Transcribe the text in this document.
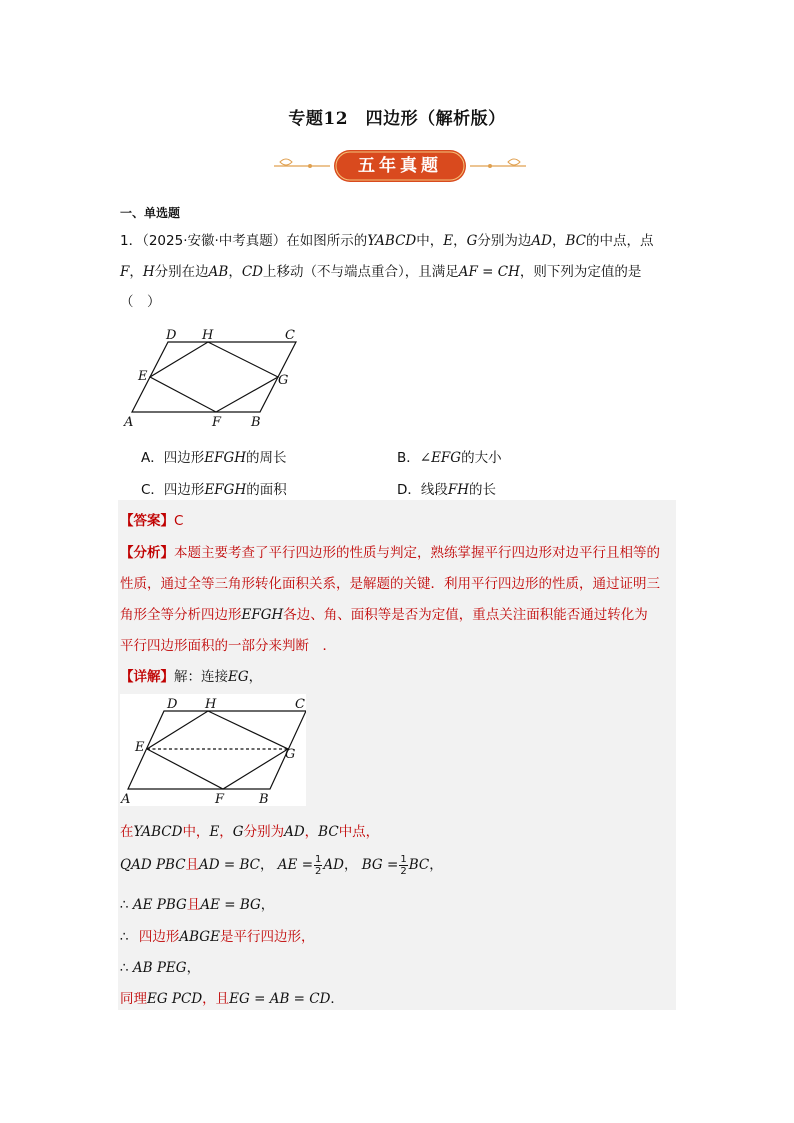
专题12　四边形（解析版）
五年真题
一、单选题
1．（2025·安徽·中考真题）在如图所示的YABCD中，E，G分别为边AD，BC的中点，点
F，H分别在边AB，CD上移动（不与端点重合），且满足AF = CH，则下列为定值的是
（　）
D H	C
E	G
A	F B
A．四边形EFGH的周长	B．∠EFG的大小
C．四边形EFGH的面积	D．线段FH的长
【答案】C
【分析】本题主要考查了平行四边形的性质与判定，熟练掌握平行四边形对边平行且相等的
性质，通过全等三角形转化面积关系，是解题的关键．利用平行四边形的性质，通过证明三
角形全等分析四边形EFGH各边、角、面积等是否为定值，重点关注面积能否通过转化为
平行四边形面积的一部分来判断　．
【详解】解：连接EG，
D H	C
E	G
A	F	B
在YABCD中，E，G分别为AD，BC中点，
QAD PBC且AD = BC， AE = $\frac{1}{2}$ AD， BG = $\frac{1}{2}$ BC，
∴ AE PBG且AE = BG，
∴ 四边形ABGE是平行四边形，
∴ AB PEG，
同理EG PCD，且EG = AB = CD．
